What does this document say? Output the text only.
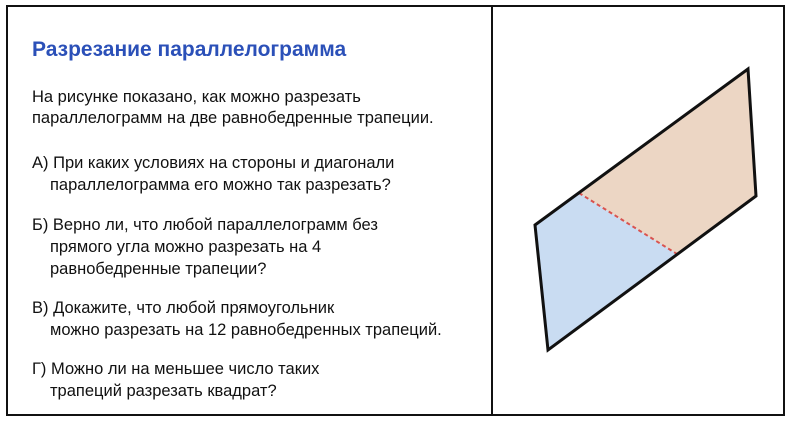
Разрезание параллелограмма

На рисунке показано, как можно разрезать
параллелограмм на две равнобедренные трапеции.

А) При каких условиях на стороны и диагонали
параллелограмма его можно так разрезать?

Б) Верно ли, что любой параллелограмм без
прямого угла можно разрезать на 4
равнобедренные трапеции?

В) Докажите, что любой прямоугольник
можно разрезать на 12 равнобедренных трапеций.

Г) Можно ли на меньшее число таких
трапеций разрезать квадрат?
